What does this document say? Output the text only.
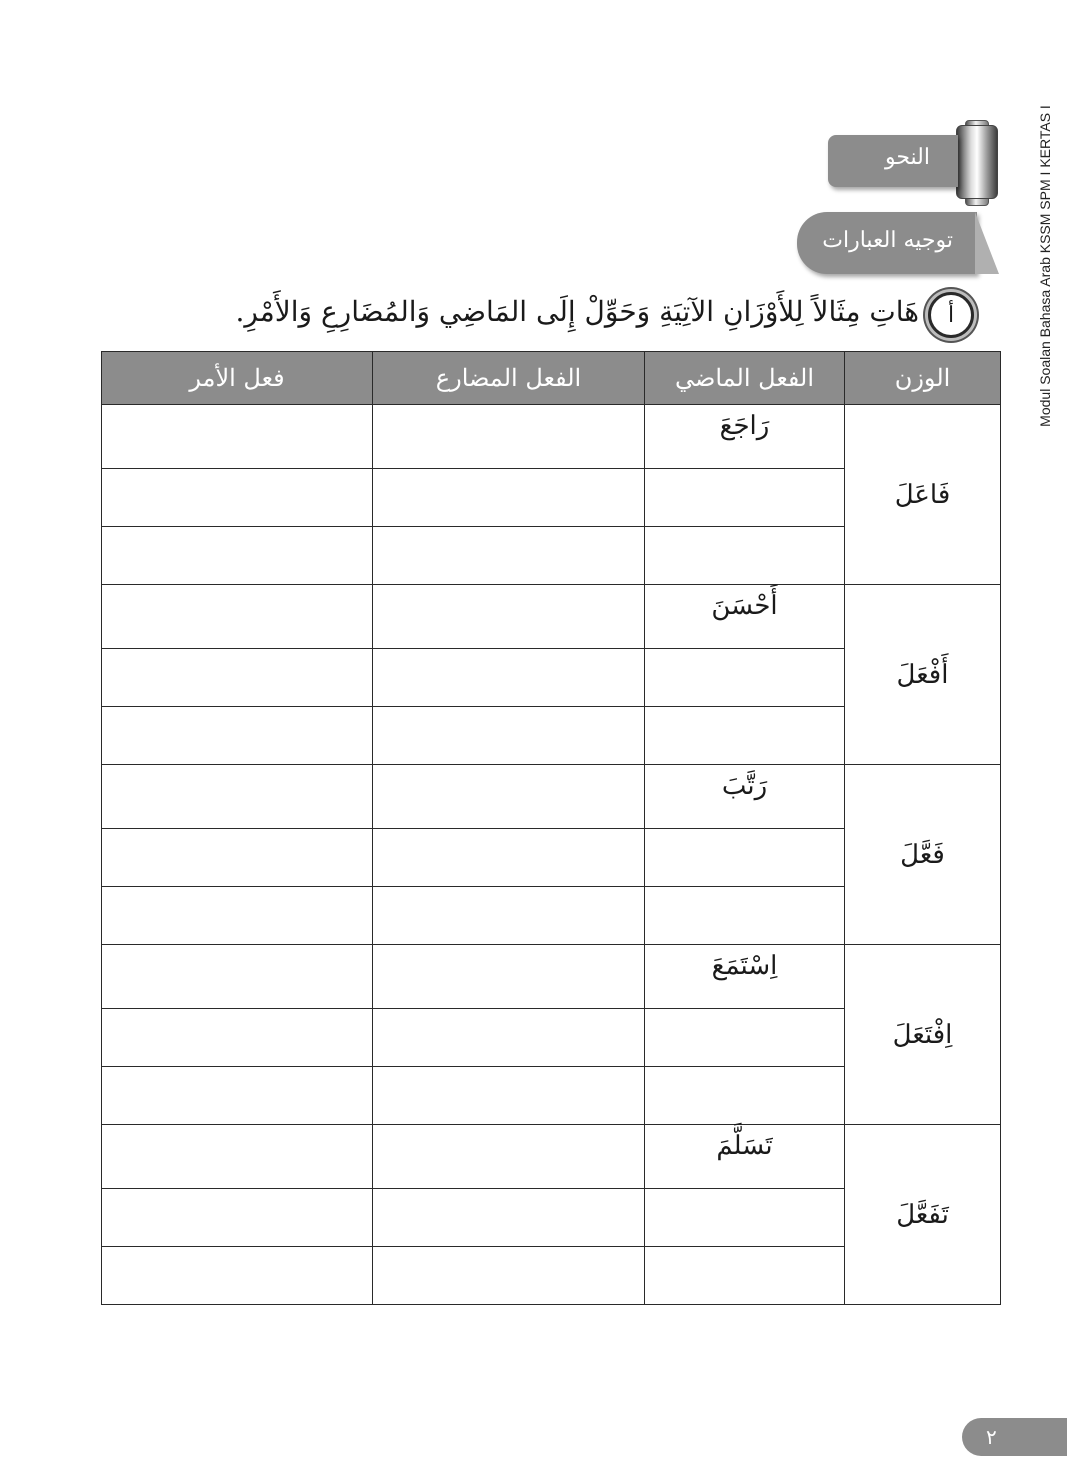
Modul Soalan Bahasa Arab KSSM SPM I KERTAS I
النحو
توجيه العبارات
أ
هَاتِ مِثَالاً لِلأَوْزَانِ الآتِيَةِ وَحَوِّلْ إِلَى المَاضِي وَالمُضَارِعِ وَالأَمْرِ.
الوزن	الفعل الماضي	الفعل المضارع	فعل الأمر
فَاعَلَ	رَاجَعَ		

أَفْعَلَ	أَحْسَنَ		

فَعَّلَ	رَتَّبَ		

اِفْتَعَلَ	اِسْتَمَعَ		

تَفَعَّلَ	تَسَلَّمَ		

٢
